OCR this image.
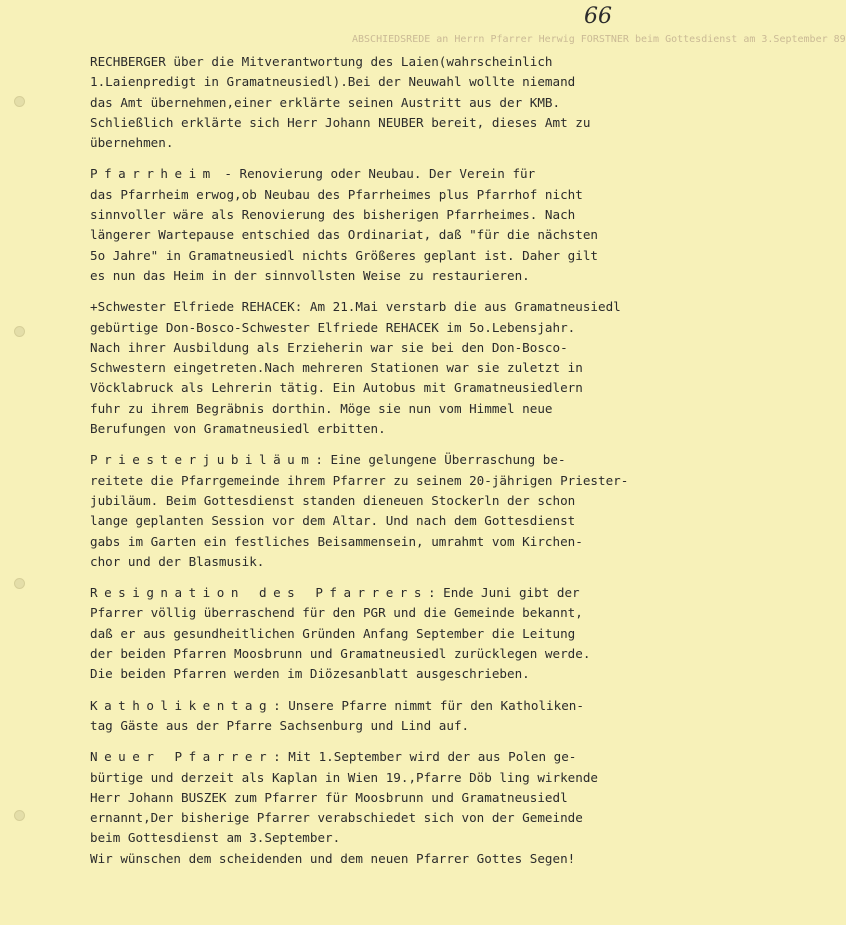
66
ABSCHIEDSREDE an Herrn Pfarrer Herwig FORSTNER beim Gottesdienst am 3.September 89
RECHBERGER über die Mitverantwortung des Laien(wahrscheinlich
1.Laienpredigt in Gramatneusiedl).Bei der Neuwahl wollte niemand
das Amt übernehmen,einer erklärte seinen Austritt aus der KMB.
Schließlich erklärte sich Herr Johann NEUBER bereit, dieses Amt zu
übernehmen.
Pfarrheim - Renovierung oder Neubau. Der Verein für
das Pfarrheim erwog,ob Neubau des Pfarrheimes plus Pfarrhof nicht
sinnvoller wäre als Renovierung des bisherigen Pfarrheimes. Nach
längerer Wartepause entschied das Ordinariat, daß "für die nächsten
5o Jahre" in Gramatneusiedl nichts Größeres geplant ist. Daher gilt
es nun das Heim in der sinnvollsten Weise zu restaurieren.
+Schwester Elfriede REHACEK: Am 21.Mai verstarb die aus Gramatneusiedl
gebürtige Don-Bosco-Schwester Elfriede REHACEK im 5o.Lebensjahr.
Nach ihrer Ausbildung als Erzieherin war sie bei den Don-Bosco-
Schwestern eingetreten.Nach mehreren Stationen war sie zuletzt in
Vöcklabruck als Lehrerin tätig. Ein Autobus mit Gramatneusiedlern
fuhr zu ihrem Begräbnis dorthin. Möge sie nun vom Himmel neue
Berufungen von Gramatneusiedl erbitten.
Priesterjubiläum: Eine gelungene Überraschung be-
reitete die Pfarrgemeinde ihrem Pfarrer zu seinem 20-jährigen Priester-
jubiläum. Beim Gottesdienst standen dieneuen Stockerln der schon
lange geplanten Session vor dem Altar. Und nach dem Gottesdienst
gabs im Garten ein festliches Beisammensein, umrahmt vom Kirchen-
chor und der Blasmusik.
Resignation des Pfarrers: Ende Juni gibt der
Pfarrer völlig überraschend für den PGR und die Gemeinde bekannt,
daß er aus gesundheitlichen Gründen Anfang September die Leitung
der beiden Pfarren Moosbrunn und Gramatneusiedl zurücklegen werde.
Die beiden Pfarren werden im Diözesanblatt ausgeschrieben.
Katholikentag: Unsere Pfarre nimmt für den Katholiken-
tag Gäste aus der Pfarre Sachsenburg und Lind auf.
Neuer Pfarrer: Mit 1.September wird der aus Polen ge-
bürtige und derzeit als Kaplan in Wien 19.,Pfarre Döb ling wirkende
Herr Johann BUSZEK zum Pfarrer für Moosbrunn und Gramatneusiedl
ernannt,Der bisherige Pfarrer verabschiedet sich von der Gemeinde
beim Gottesdienst am 3.September.
Wir wünschen dem scheidenden und dem neuen Pfarrer Gottes Segen!
